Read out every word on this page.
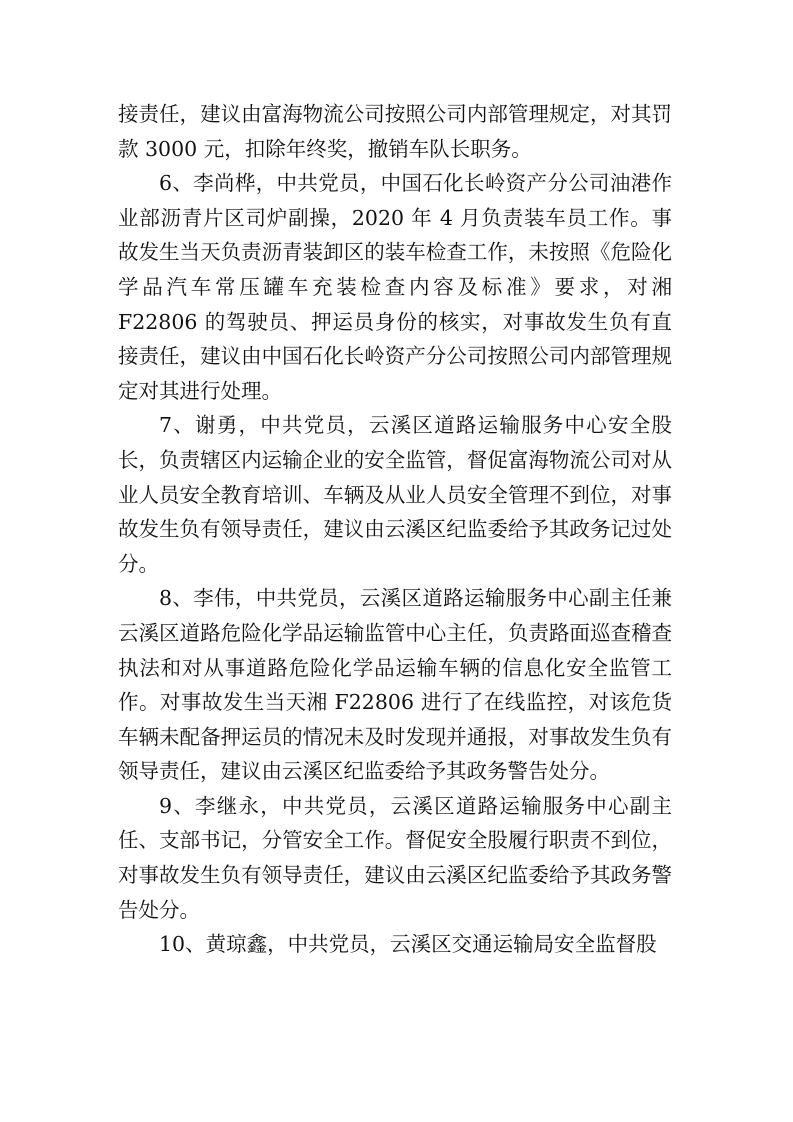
接责任，建议由富海物流公司按照公司内部管理规定，对其罚款 3000 元，扣除年终奖，撤销车队长职务。

6、李尚桦，中共党员，中国石化长岭资产分公司油港作业部沥青片区司炉副操，2020 年 4 月负责装车员工作。事故发生当天负责沥青装卸区的装车检查工作，未按照《危险化学品汽车常压罐车充装检查内容及标准》要求，对湘 F22806 的驾驶员、押运员身份的核实，对事故发生负有直接责任，建议由中国石化长岭资产分公司按照公司内部管理规定对其进行处理。

7、谢勇，中共党员，云溪区道路运输服务中心安全股长，负责辖区内运输企业的安全监管，督促富海物流公司对从业人员安全教育培训、车辆及从业人员安全管理不到位，对事故发生负有领导责任，建议由云溪区纪监委给予其政务记过处分。

8、李伟，中共党员，云溪区道路运输服务中心副主任兼云溪区道路危险化学品运输监管中心主任，负责路面巡查稽查执法和对从事道路危险化学品运输车辆的信息化安全监管工作。对事故发生当天湘 F22806 进行了在线监控，对该危货车辆未配备押运员的情况未及时发现并通报，对事故发生负有领导责任，建议由云溪区纪监委给予其政务警告处分。

9、李继永，中共党员，云溪区道路运输服务中心副主任、支部书记，分管安全工作。督促安全股履行职责不到位，对事故发生负有领导责任，建议由云溪区纪监委给予其政务警告处分。

10、黄琼鑫，中共党员，云溪区交通运输局安全监督股
